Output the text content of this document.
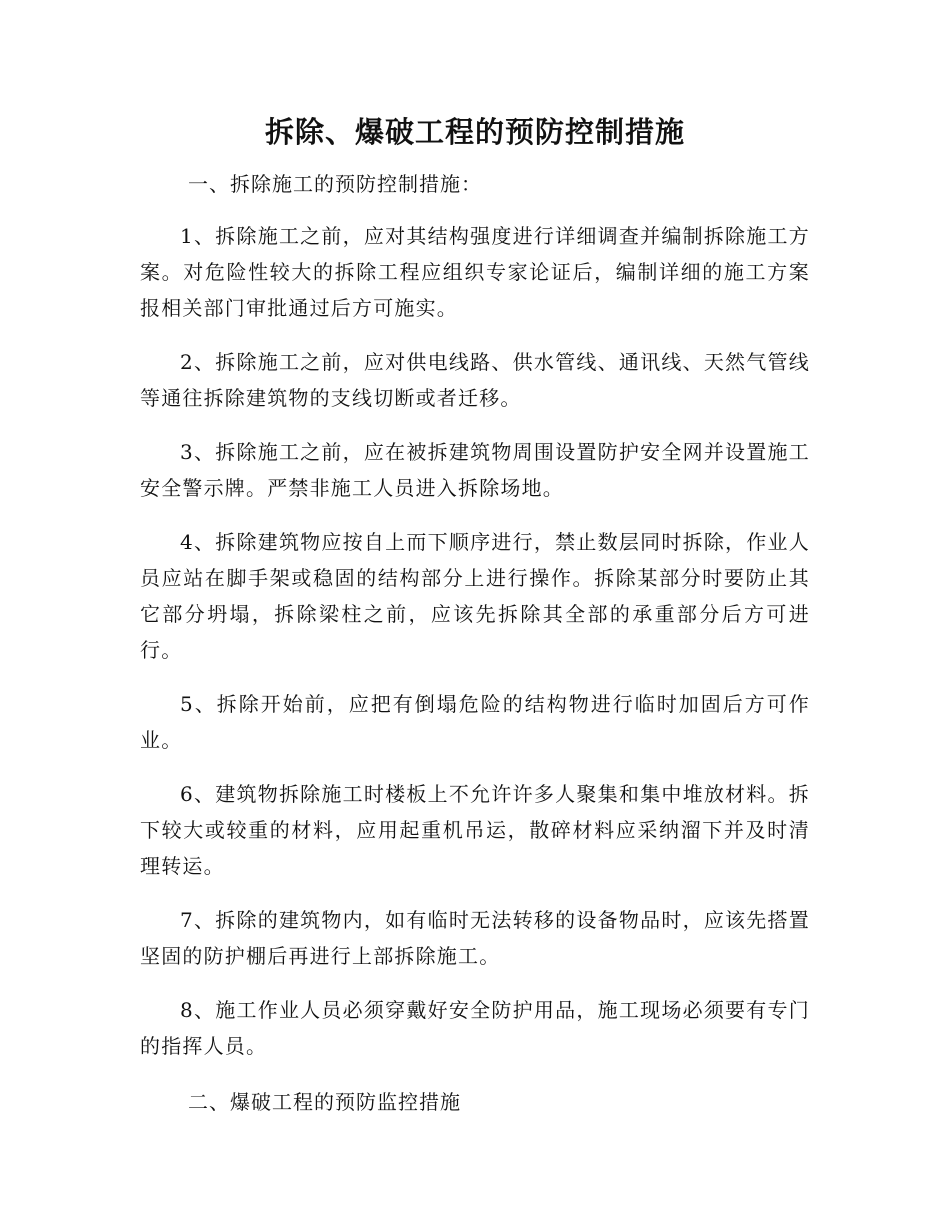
拆除、爆破工程的预防控制措施

一、拆除施工的预防控制措施：

1、拆除施工之前，应对其结构强度进行详细调查并编制拆除施工方案。对危险性较大的拆除工程应组织专家论证后，编制详细的施工方案报相关部门审批通过后方可施实。

2、拆除施工之前，应对供电线路、供水管线、通讯线、天然气管线等通往拆除建筑物的支线切断或者迁移。

3、拆除施工之前，应在被拆建筑物周围设置防护安全网并设置施工安全警示牌。严禁非施工人员进入拆除场地。

4、拆除建筑物应按自上而下顺序进行，禁止数层同时拆除，作业人员应站在脚手架或稳固的结构部分上进行操作。拆除某部分时要防止其它部分坍塌，拆除梁柱之前，应该先拆除其全部的承重部分后方可进行。

5、拆除开始前，应把有倒塌危险的结构物进行临时加固后方可作业。

6、建筑物拆除施工时楼板上不允许许多人聚集和集中堆放材料。拆下较大或较重的材料，应用起重机吊运，散碎材料应采纳溜下并及时清理转运。

7、拆除的建筑物内，如有临时无法转移的设备物品时，应该先搭置坚固的防护棚后再进行上部拆除施工。

8、施工作业人员必须穿戴好安全防护用品，施工现场必须要有专门的指挥人员。

二、爆破工程的预防监控措施
